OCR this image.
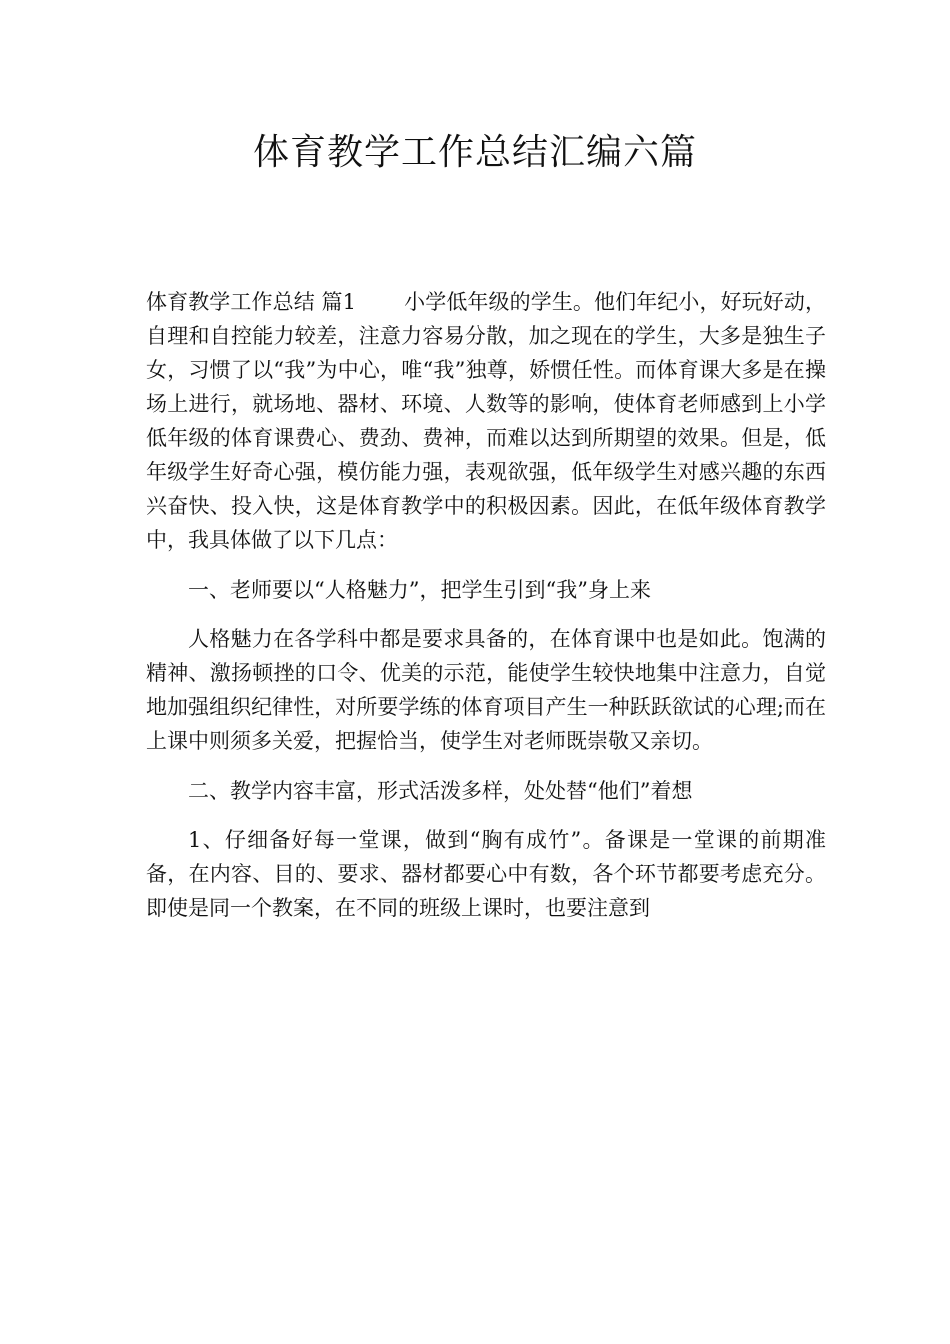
体育教学工作总结汇编六篇

体育教学工作总结 篇1 小学低年级的学生。他们年纪小，好玩好动，自理和自控能力较差，注意力容易分散，加之现在的学生，大多是独生子女，习惯了以“我”为中心，唯“我”独尊，娇惯任性。而体育课大多是在操场上进行，就场地、器材、环境、人数等的影响，使体育老师感到上小学低年级的体育课费心、费劲、费神，而难以达到所期望的效果。但是，低年级学生好奇心强，模仿能力强，表观欲强，低年级学生对感兴趣的东西兴奋快、投入快，这是体育教学中的积极因素。因此，在低年级体育教学中，我具体做了以下几点：

一、老师要以“人格魅力”，把学生引到“我”身上来

人格魅力在各学科中都是要求具备的，在体育课中也是如此。饱满的精神、激扬顿挫的口令、优美的示范，能使学生较快地集中注意力，自觉地加强组织纪律性，对所要学练的体育项目产生一种跃跃欲试的心理;而在上课中则须多关爱，把握恰当，使学生对老师既崇敬又亲切。

二、教学内容丰富，形式活泼多样，处处替“他们”着想

1、仔细备好每一堂课，做到“胸有成竹”。备课是一堂课的前期准备，在内容、目的、要求、器材都要心中有数，各个环节都要考虑充分。即使是同一个教案，在不同的班级上课时，也要注意到
